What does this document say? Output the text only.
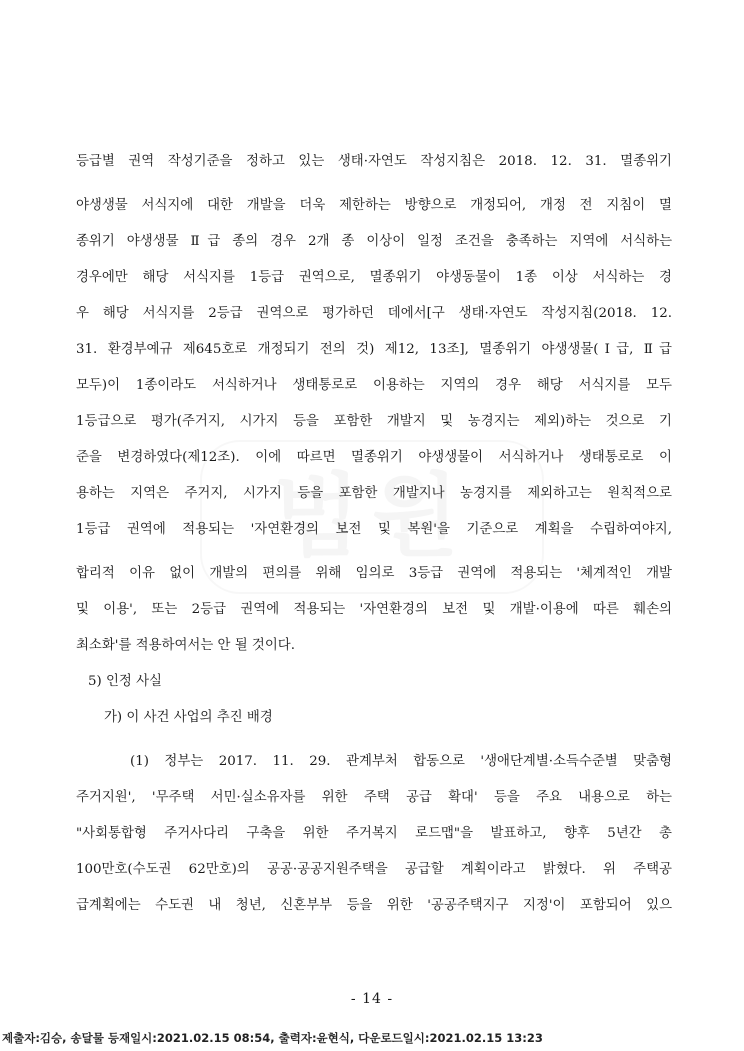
등급별 권역 작성기준을 정하고 있는 생태·자연도 작성지침은 2018. 12. 31. 멸종위기
야생생물 서식지에 대한 개발을 더욱 제한하는 방향으로 개정되어, 개정 전 지침이 멸
종위기 야생생물 Ⅱ급 종의 경우 2개 종 이상이 일정 조건을 충족하는 지역에 서식하는
경우에만 해당 서식지를 1등급 권역으로, 멸종위기 야생동물이 1종 이상 서식하는 경
우 해당 서식지를 2등급 권역으로 평가하던 데에서[구 생태·자연도 작성지침(2018. 12.
31. 환경부예규 제645호로 개정되기 전의 것) 제12, 13조], 멸종위기 야생생물(Ⅰ급, Ⅱ급
모두)이 1종이라도 서식하거나 생태통로로 이용하는 지역의 경우 해당 서식지를 모두
1등급으로 평가(주거지, 시가지 등을 포함한 개발지 및 농경지는 제외)하는 것으로 기
준을 변경하였다(제12조). 이에 따르면 멸종위기 야생생물이 서식하거나 생태통로로 이
용하는 지역은 주거지, 시가지 등을 포함한 개발지나 농경지를 제외하고는 원칙적으로
1등급 권역에 적용되는 '자연환경의 보전 및 복원'을 기준으로 계획을 수립하여야지,
합리적 이유 없이 개발의 편의를 위해 임의로 3등급 권역에 적용되는 '체계적인 개발
및 이용', 또는 2등급 권역에 적용되는 '자연환경의 보전 및 개발·이용에 따른 훼손의
최소화'를 적용하여서는 안 될 것이다.
5) 인정 사실
가) 이 사건 사업의 추진 배경
(1) 정부는 2017. 11. 29. 관계부처 합동으로 '생애단계별·소득수준별 맞춤형
주거지원', '무주택 서민·실소유자를 위한 주택 공급 확대' 등을 주요 내용으로 하는
"사회통합형 주거사다리 구축을 위한 주거복지 로드맵"을 발표하고, 향후 5년간 총
100만호(수도권 62만호)의 공공·공공지원주택을 공급할 계획이라고 밝혔다. 위 주택공
급계획에는 수도권 내 청년, 신혼부부 등을 위한 '공공주택지구 지정'이 포함되어 있으
- 14 -
제출자:김승, 송달물 등재일시:2021.02.15 08:54, 출력자:윤현식, 다운로드일시:2021.02.15 13:23
